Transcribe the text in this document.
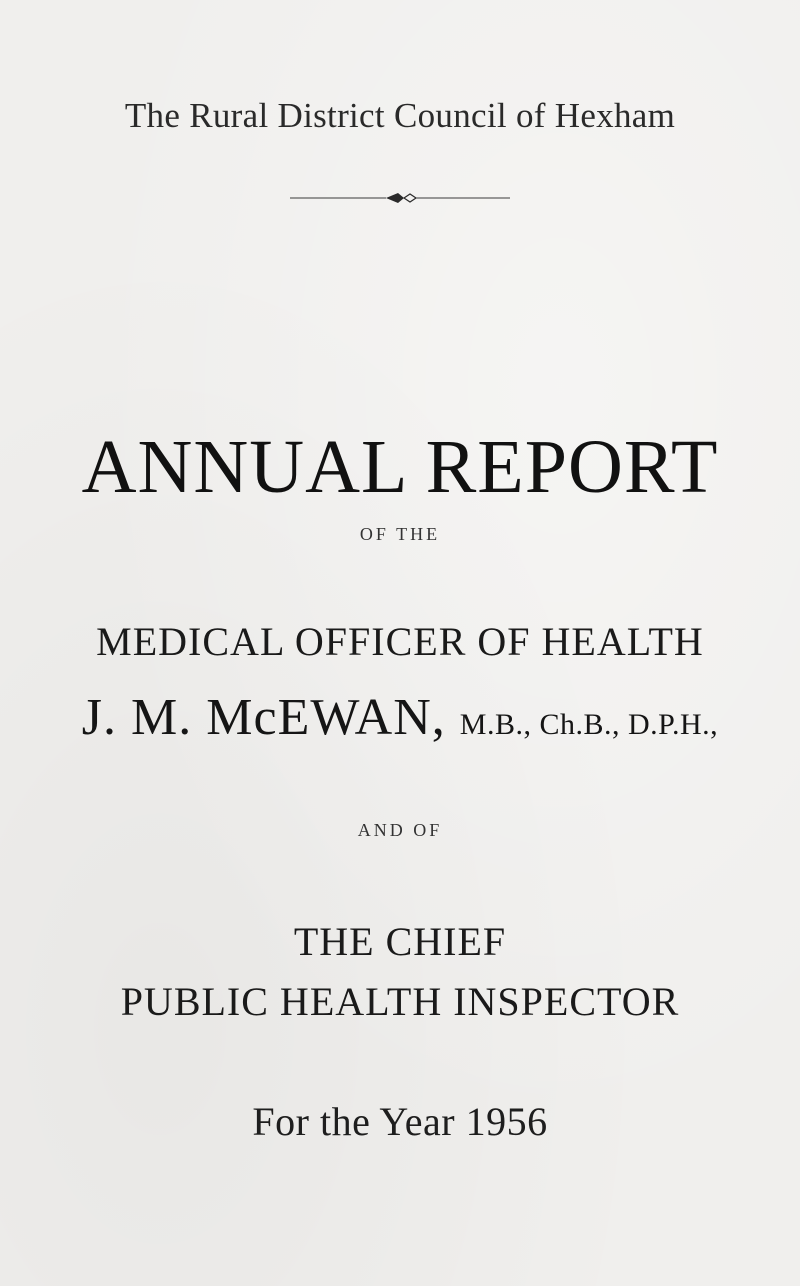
The Rural District Council of Hexham
ANNUAL REPORT
OF THE
MEDICAL OFFICER OF HEALTH
J. M. McEWAN, M.B., Ch.B., D.P.H.,
AND OF
THE CHIEF
PUBLIC HEALTH INSPECTOR
For the Year 1956
